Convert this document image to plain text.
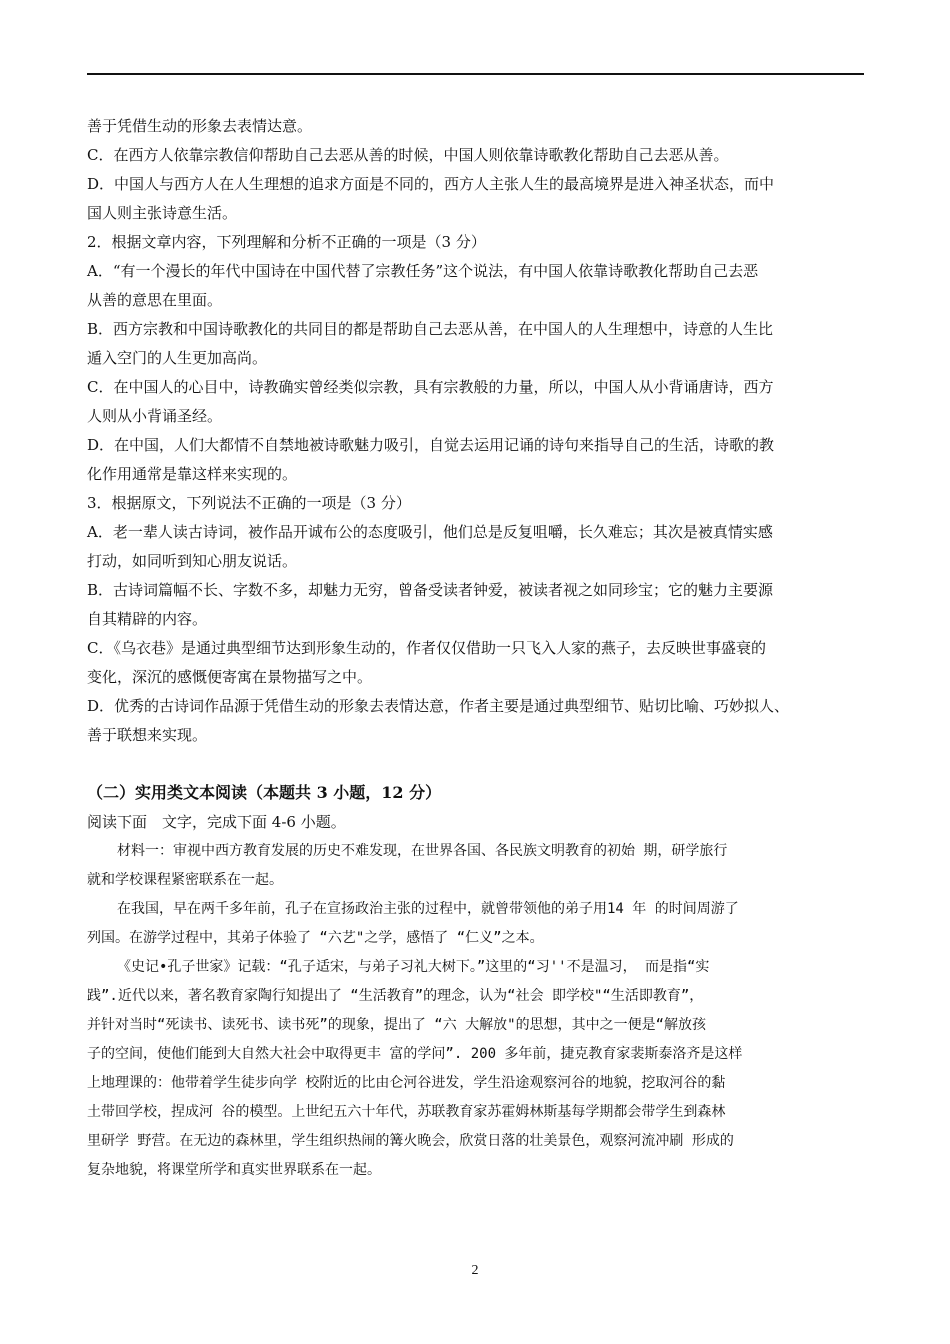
善于凭借生动的形象去表情达意。
C．在西方人依靠宗教信仰帮助自己去恶从善的时候，中国人则依靠诗歌教化帮助自己去恶从善。
D．中国人与西方人在人生理想的追求方面是不同的，西方人主张人生的最高境界是进入神圣状态，而中
国人则主张诗意生活。
2．根据文章内容，下列理解和分析不正确的一项是（3 分）
A．“有一个漫长的年代中国诗在中国代替了宗教任务”这个说法，有中国人依靠诗歌教化帮助自己去恶
从善的意思在里面。
B．西方宗教和中国诗歌教化的共同目的都是帮助自己去恶从善，在中国人的人生理想中，诗意的人生比
遁入空门的人生更加高尚。
C．在中国人的心目中，诗教确实曾经类似宗教，具有宗教般的力量，所以，中国人从小背诵唐诗，西方
人则从小背诵圣经。
D．在中国，人们大都情不自禁地被诗歌魅力吸引，自觉去运用记诵的诗句来指导自己的生活，诗歌的教
化作用通常是靠这样来实现的。
3．根据原文，下列说法不正确的一项是（3 分）
A．老一辈人读古诗词，被作品开诚布公的态度吸引，他们总是反复咀嚼，长久难忘；其次是被真情实感
打动，如同听到知心朋友说话。
B．古诗词篇幅不长、字数不多，却魅力无穷，曾备受读者钟爱，被读者视之如同珍宝；它的魅力主要源
自其精辟的内容。
C．《乌衣巷》是通过典型细节达到形象生动的，作者仅仅借助一只飞入人家的燕子，去反映世事盛衰的
变化，深沉的感慨便寄寓在景物描写之中。
D．优秀的古诗词作品源于凭借生动的形象去表情达意，作者主要是通过典型细节、贴切比喻、巧妙拟人、
善于联想来实现。
（二）实用类文本阅读（本题共 3 小题，12 分）
阅读下面　文字，完成下面 4-6 小题。
材料一：审视中西方教育发展的历史不难发现，在世界各国、各民族文明教育的初始 期，研学旅行
就和学校课程紧密联系在一起。
在我国，早在两千多年前，孔子在宣扬政治主张的过程中，就曾带领他的弟子用14 年 的时间周游了
列国。在游学过程中，其弟子体验了 “六艺"之学，感悟了 “仁义”之本。
《史记•孔子世家》记载：“孔子适宋，与弟子习礼大树下。”这里的“习''不是温习， 而是指“实
践”.近代以来，著名教育家陶行知提出了 “生活教育”的理念，认为“社会 即学校"“生活即教育”，
并针对当时“死读书、读死书、读书死”的现象，提出了 “六 大解放"的思想，其中之一便是“解放孩
子的空间，使他们能到大自然大社会中取得更丰 富的学问”. 200 多年前，捷克教育家裴斯泰洛齐是这样
上地理课的：他带着学生徒步向学 校附近的比由仑河谷进发，学生沿途观察河谷的地貌，挖取河谷的黏
土带回学校，捏成河 谷的模型。上世纪五六十年代，苏联教育家苏霍姆林斯基每学期都会带学生到森林
里研学 野营。在无边的森林里，学生组织热闹的篝火晚会，欣赏日落的壮美景色，观察河流冲刷 形成的
复杂地貌，将课堂所学和真实世界联系在一起。
2
